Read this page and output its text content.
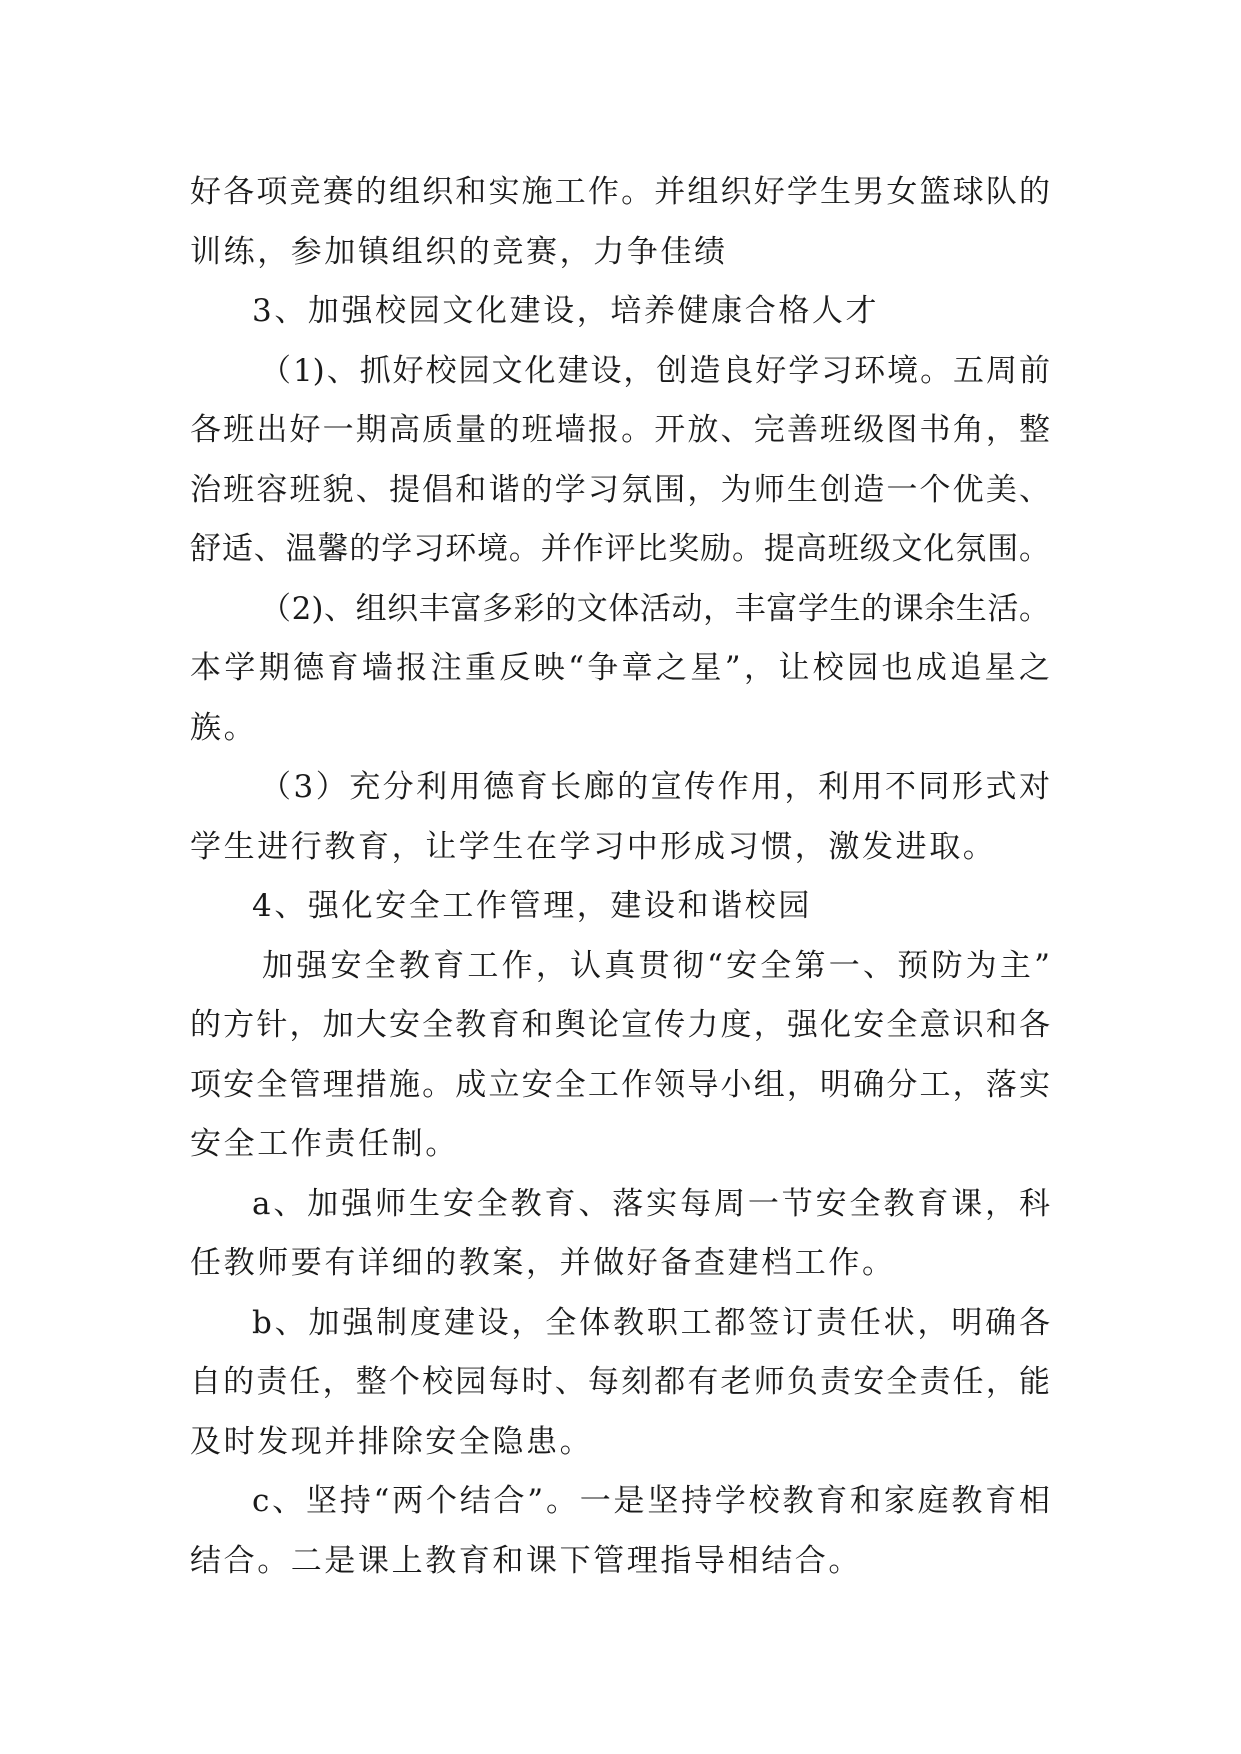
好各项竞赛的组织和实施工作。并组织好学生男女篮球队的
训练，参加镇组织的竞赛，力争佳绩
3、加强校园文化建设，培养健康合格人才
（1)、抓好校园文化建设，创造良好学习环境。五周前
各班出好一期高质量的班墙报。开放、完善班级图书角，整
治班容班貌、提倡和谐的学习氛围，为师生创造一个优美、
舒适、温馨的学习环境。并作评比奖励。提高班级文化氛围。
（2)、组织丰富多彩的文体活动，丰富学生的课余生活。
本学期德育墙报注重反映“争章之星”，让校园也成追星之
族。
（3）充分利用德育长廊的宣传作用，利用不同形式对
学生进行教育，让学生在学习中形成习惯，激发进取。
4、强化安全工作管理，建设和谐校园
加强安全教育工作，认真贯彻“安全第一、预防为主”
的方针，加大安全教育和舆论宣传力度，强化安全意识和各
项安全管理措施。成立安全工作领导小组，明确分工，落实
安全工作责任制。
a、加强师生安全教育、落实每周一节安全教育课，科
任教师要有详细的教案，并做好备查建档工作。
b、加强制度建设，全体教职工都签订责任状，明确各
自的责任，整个校园每时、每刻都有老师负责安全责任，能
及时发现并排除安全隐患。
c、坚持“两个结合”。一是坚持学校教育和家庭教育相
结合。二是课上教育和课下管理指导相结合。
